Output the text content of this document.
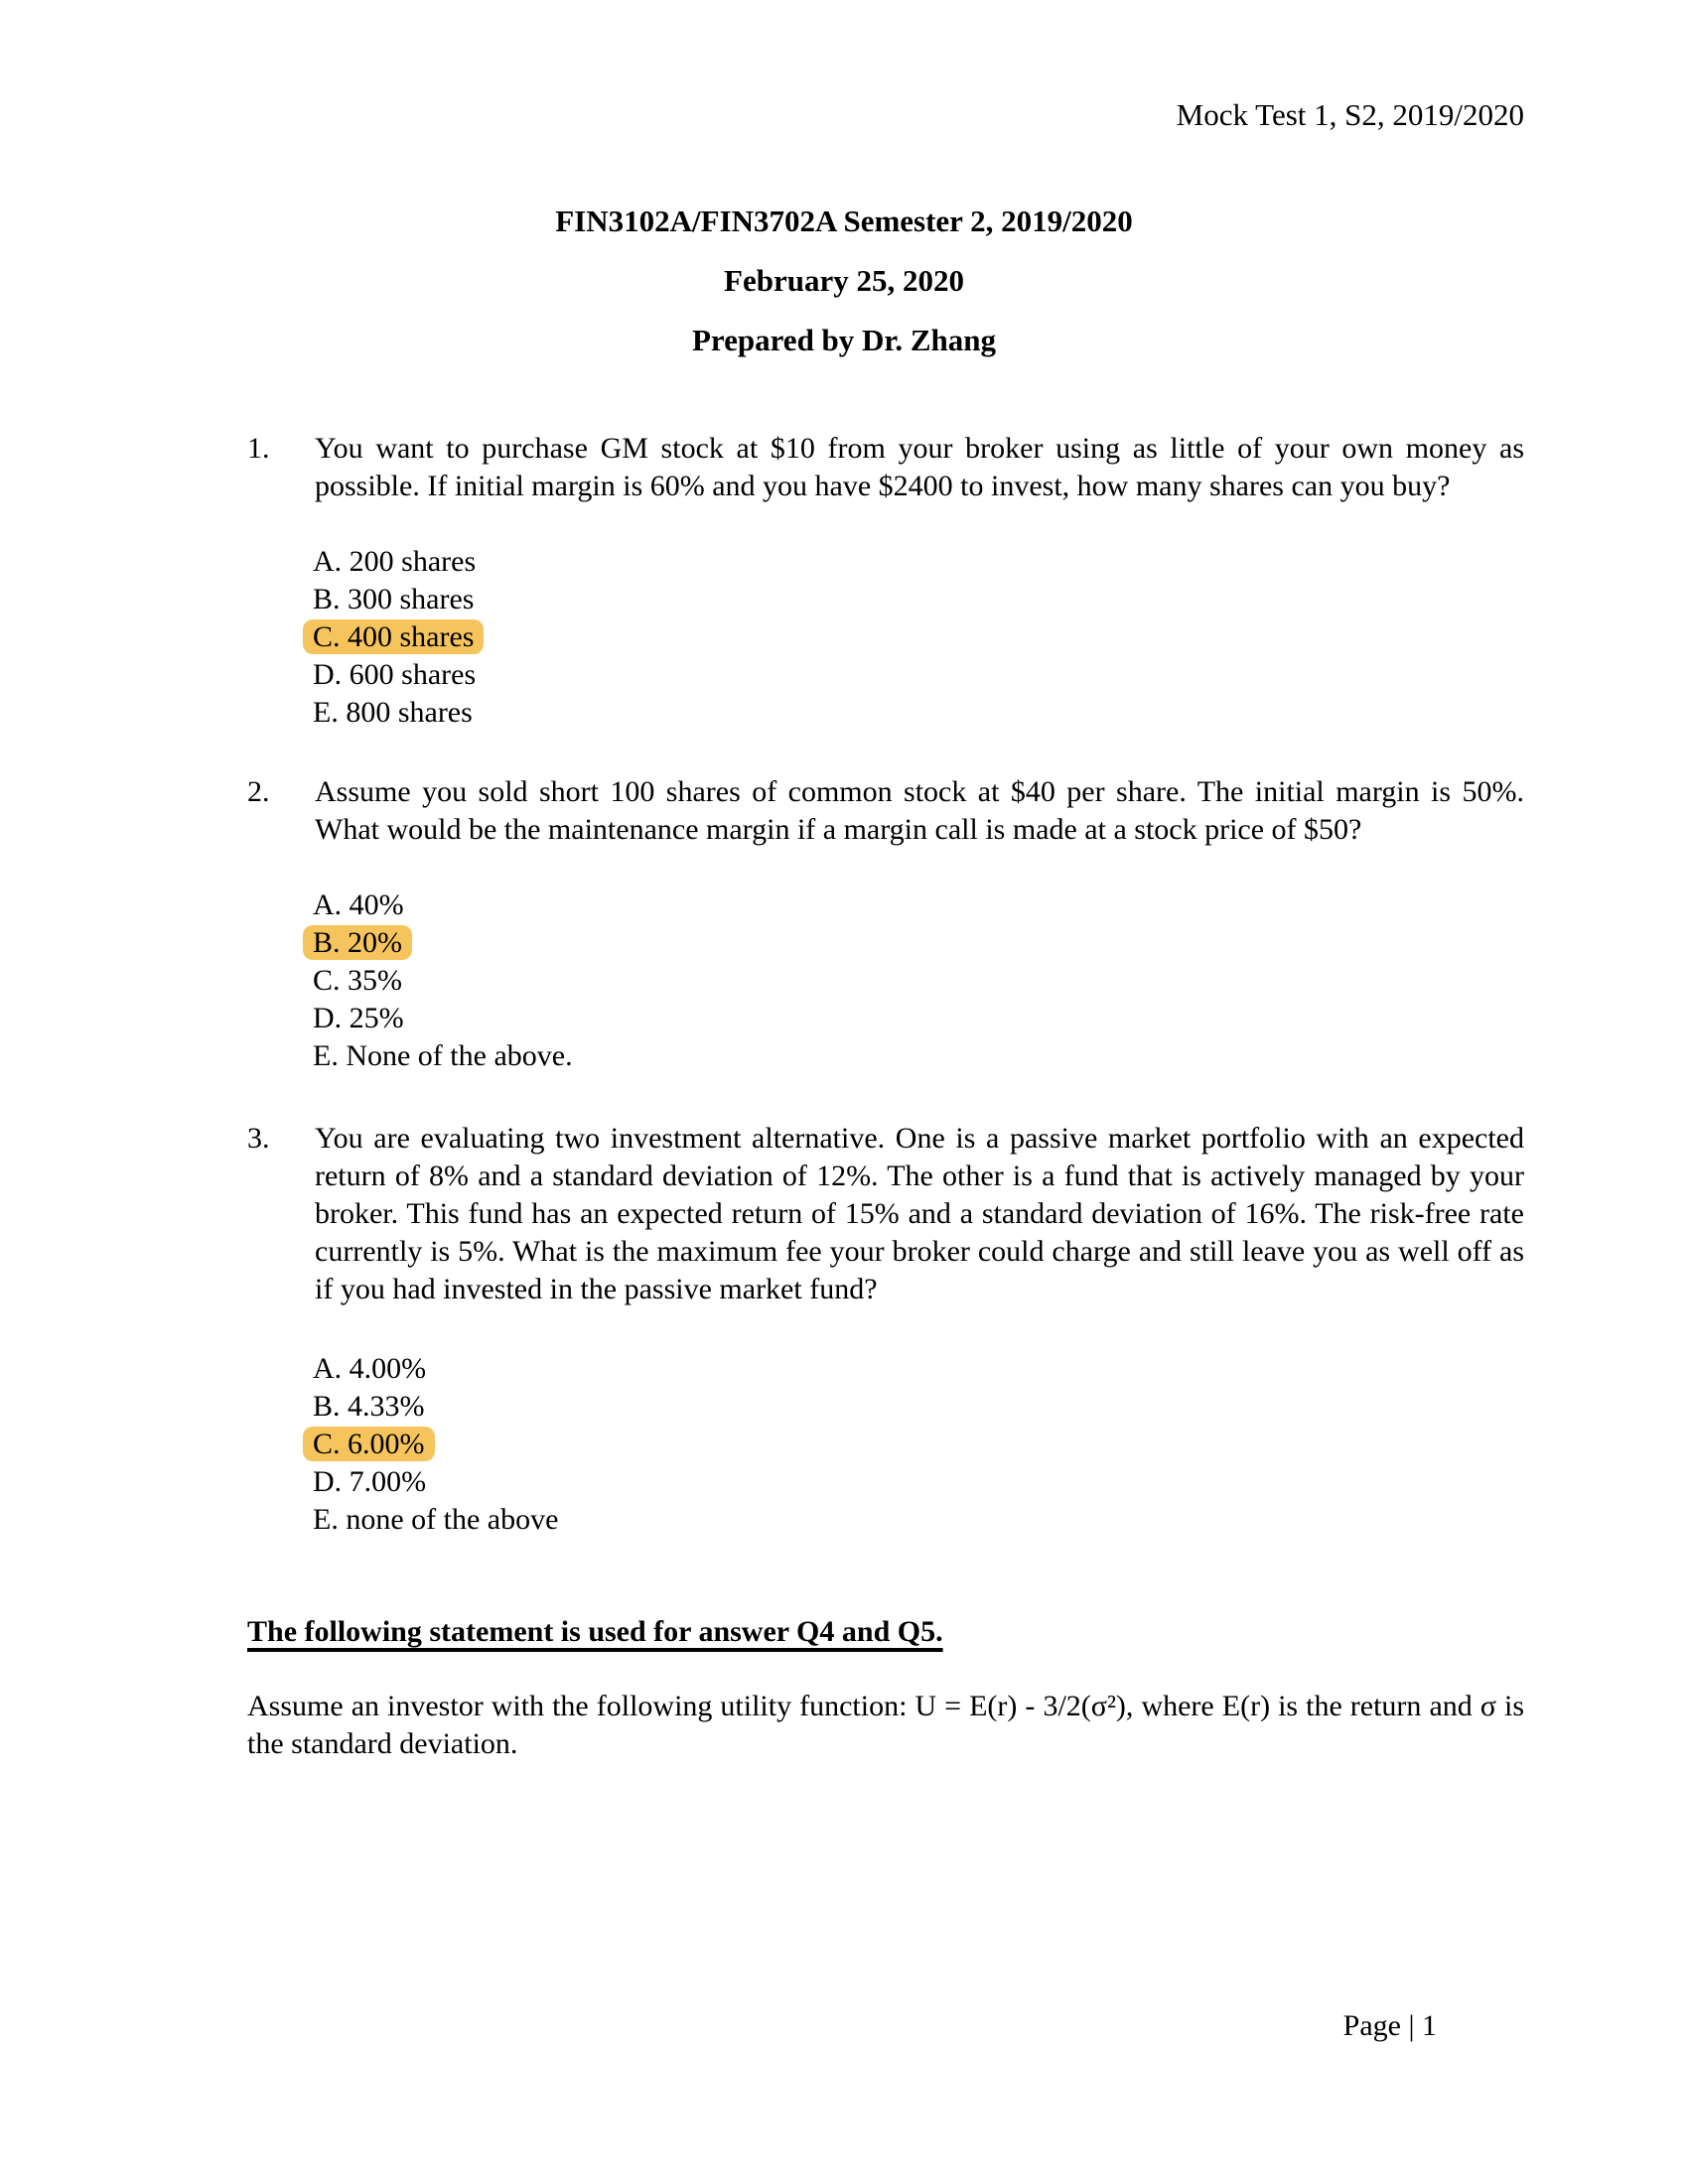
Mock Test 1, S2, 2019/2020
FIN3102A/FIN3702A Semester 2, 2019/2020
February 25, 2020
Prepared by Dr. Zhang
1.	You want to purchase GM stock at $10 from your broker using as little of your own money as possible. If initial margin is 60% and you have $2400 to invest, how many shares can you buy?
A. 200 shares
B. 300 shares
C. 400 shares
D. 600 shares
E. 800 shares
2.	Assume you sold short 100 shares of common stock at $40 per share. The initial margin is 50%. What would be the maintenance margin if a margin call is made at a stock price of $50?
A. 40%
B. 20%
C. 35%
D. 25%
E. None of the above.
3.	You are evaluating two investment alternative. One is a passive market portfolio with an expected return of 8% and a standard deviation of 12%. The other is a fund that is actively managed by your broker. This fund has an expected return of 15% and a standard deviation of 16%. The risk-free rate currently is 5%. What is the maximum fee your broker could charge and still leave you as well off as if you had invested in the passive market fund?
A. 4.00%
B. 4.33%
C. 6.00%
D. 7.00%
E. none of the above
The following statement is used for answer Q4 and Q5.
Assume an investor with the following utility function: U = E(r) - 3/2(σ²), where E(r) is the return and σ is the standard deviation.
Page | 1
